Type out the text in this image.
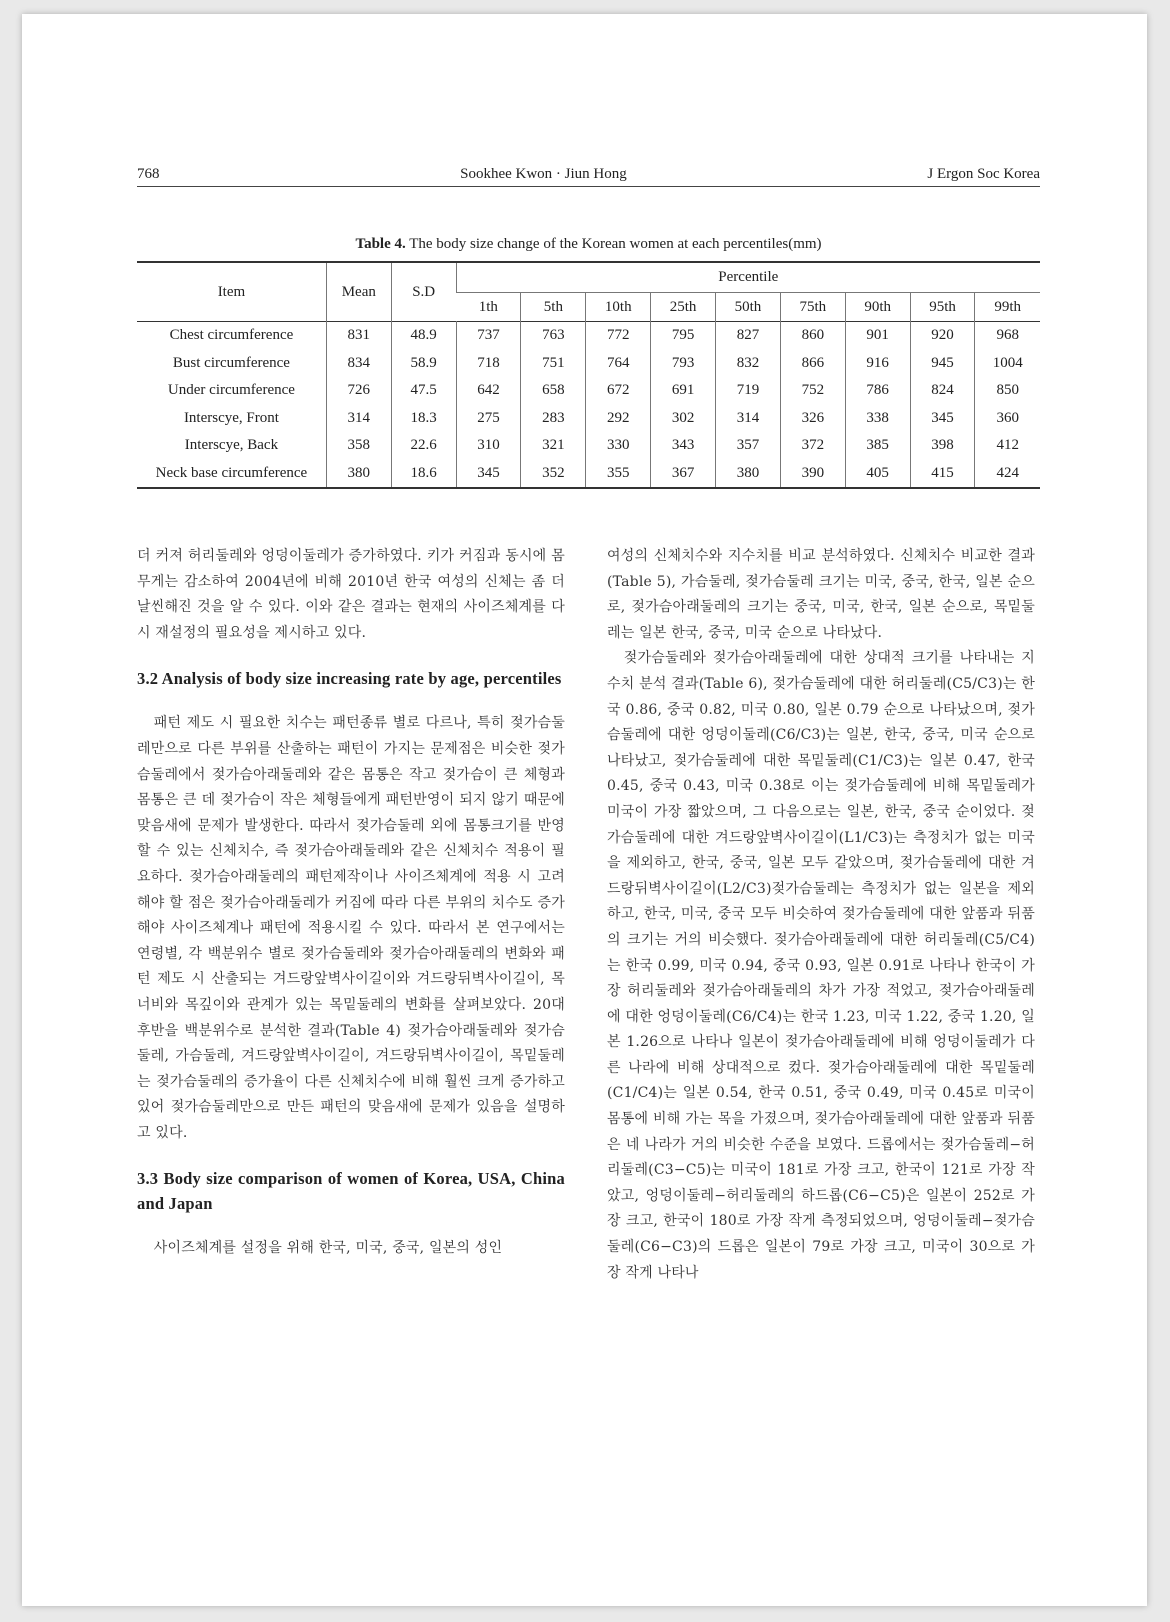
768	Sookhee Kwon · Jiun Hong	J Ergon Soc Korea
Table 4. The body size change of the Korean women at each percentiles(mm)
Item	Mean	S.D	Percentile								
			1th	5th	10th	25th	50th	75th	90th	95th	99th
Chest circumference	831	48.9	737	763	772	795	827	860	901	920	968
Bust circumference	834	58.9	718	751	764	793	832	866	916	945	1004
Under circumference	726	47.5	642	658	672	691	719	752	786	824	850
Interscye, Front	314	18.3	275	283	292	302	314	326	338	345	360
Interscye, Back	358	22.6	310	321	330	343	357	372	385	398	412
Neck base circumference	380	18.6	345	352	355	367	380	390	405	415	424

더 커져 허리둘레와 엉덩이둘레가 증가하였다. 키가 커짐과 동시에 몸무게는 감소하여 2004년에 비해 2010년 한국 여성의 신체는 좀 더 날씬해진 것을 알 수 있다. 이와 같은 결과는 현재의 사이즈체계를 다시 재설정의 필요성을 제시하고 있다.

3.2 Analysis of body size increasing rate by age, percentiles

패턴 제도 시 필요한 치수는 패턴종류 별로 다르나, 특히 젖가슴둘레만으로 다른 부위를 산출하는 패턴이 가지는 문제점은 비슷한 젖가슴둘레에서 젖가슴아래둘레와 같은 몸통은 작고 젖가슴이 큰 체형과 몸통은 큰 데 젖가슴이 작은 체형들에게 패턴반영이 되지 않기 때문에 맞음새에 문제가 발생한다. 따라서 젖가슴둘레 외에 몸통크기를 반영할 수 있는 신체치수, 즉 젖가슴아래둘레와 같은 신체치수 적용이 필요하다. 젖가슴아래둘레의 패턴제작이나 사이즈체계에 적용 시 고려해야 할 점은 젖가슴아래둘레가 커짐에 따라 다른 부위의 치수도 증가해야 사이즈체계나 패턴에 적용시킬 수 있다. 따라서 본 연구에서는 연령별, 각 백분위수 별로 젖가슴둘레와 젖가슴아래둘레의 변화와 패턴 제도 시 산출되는 겨드랑앞벽사이길이와 겨드랑뒤벽사이길이, 목너비와 목깊이와 관계가 있는 목밑둘레의 변화를 살펴보았다. 20대 후반을 백분위수로 분석한 결과(Table 4) 젖가슴아래둘레와 젖가슴둘레, 가슴둘레, 겨드랑앞벽사이길이, 겨드랑뒤벽사이길이, 목밑둘레는 젖가슴둘레의 증가율이 다른 신체치수에 비해 훨씬 크게 증가하고 있어 젖가슴둘레만으로 만든 패턴의 맞음새에 문제가 있음을 설명하고 있다.

3.3 Body size comparison of women of Korea, USA, China and Japan

사이즈체계를 설정을 위해 한국, 미국, 중국, 일본의 성인

여성의 신체치수와 지수치를 비교 분석하였다. 신체치수 비교한 결과(Table 5), 가슴둘레, 젖가슴둘레 크기는 미국, 중국, 한국, 일본 순으로, 젖가슴아래둘레의 크기는 중국, 미국, 한국, 일본 순으로, 목밑둘레는 일본 한국, 중국, 미국 순으로 나타났다.

젖가슴둘레와 젖가슴아래둘레에 대한 상대적 크기를 나타내는 지수치 분석 결과(Table 6), 젖가슴둘레에 대한 허리둘레(C5/C3)는 한국 0.86, 중국 0.82, 미국 0.80, 일본 0.79 순으로 나타났으며, 젖가슴둘레에 대한 엉덩이둘레(C6/C3)는 일본, 한국, 중국, 미국 순으로 나타났고, 젖가슴둘레에 대한 목밑둘레(C1/C3)는 일본 0.47, 한국 0.45, 중국 0.43, 미국 0.38로 이는 젖가슴둘레에 비해 목밑둘레가 미국이 가장 짧았으며, 그 다음으로는 일본, 한국, 중국 순이었다. 젖가슴둘레에 대한 겨드랑앞벽사이길이(L1/C3)는 측정치가 없는 미국을 제외하고, 한국, 중국, 일본 모두 같았으며, 젖가슴둘레에 대한 겨드랑뒤벽사이길이(L2/C3)젖가슴둘레는 측정치가 없는 일본을 제외하고, 한국, 미국, 중국 모두 비슷하여 젖가슴둘레에 대한 앞품과 뒤품의 크기는 거의 비슷했다. 젖가슴아래둘레에 대한 허리둘레(C5/C4)는 한국 0.99, 미국 0.94, 중국 0.93, 일본 0.91로 나타나 한국이 가장 허리둘레와 젖가슴아래둘레의 차가 가장 적었고, 젖가슴아래둘레에 대한 엉덩이둘레(C6/C4)는 한국 1.23, 미국 1.22, 중국 1.20, 일본 1.26으로 나타나 일본이 젖가슴아래둘레에 비해 엉덩이둘레가 다른 나라에 비해 상대적으로 컸다. 젖가슴아래둘레에 대한 목밑둘레(C1/C4)는 일본 0.54, 한국 0.51, 중국 0.49, 미국 0.45로 미국이 몸통에 비해 가는 목을 가졌으며, 젖가슴아래둘레에 대한 앞품과 뒤품은 네 나라가 거의 비슷한 수준을 보였다. 드롭에서는 젖가슴둘레−허리둘레(C3−C5)는 미국이 181로 가장 크고, 한국이 121로 가장 작았고, 엉덩이둘레−허리둘레의 하드롭(C6−C5)은 일본이 252로 가장 크고, 한국이 180로 가장 작게 측정되었으며, 엉덩이둘레−젖가슴둘레(C6−C3)의 드롭은 일본이 79로 가장 크고, 미국이 30으로 가장 작게 나타나
